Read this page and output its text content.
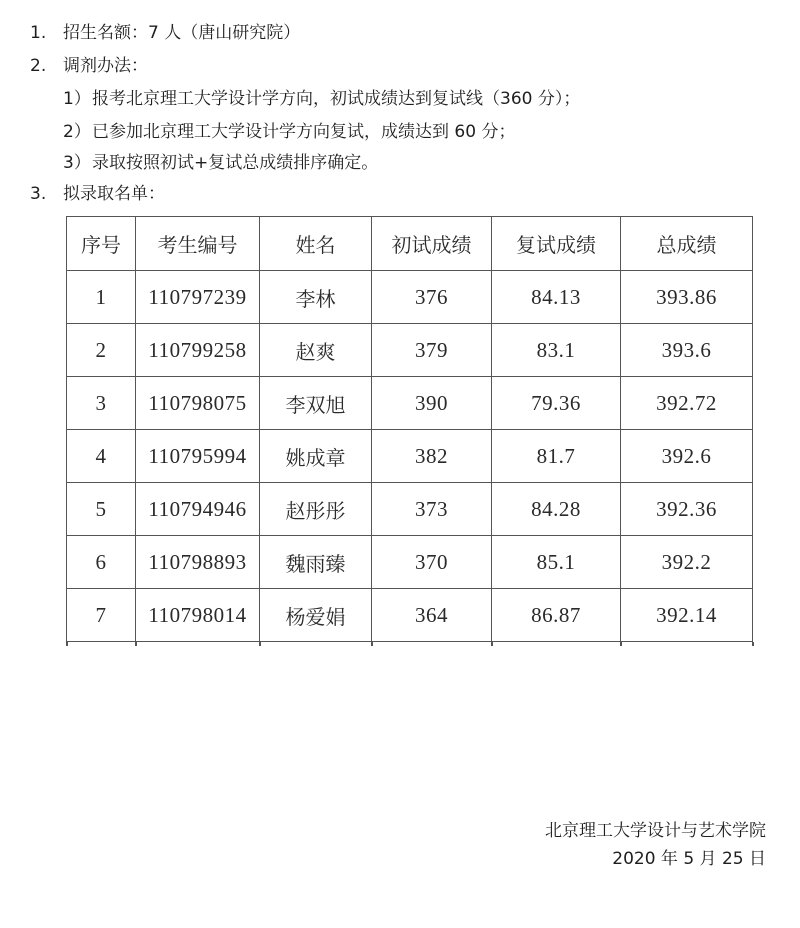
1. 招生名额：7 人（唐山研究院）
2. 调剂办法：
1） 报考北京理工大学设计学方向，初试成绩达到复试线（360 分）；
2） 已参加北京理工大学设计学方向复试，成绩达到 60 分；
3） 录取按照初试+复试总成绩排序确定。
3. 拟录取名单：
序号	考生编号	姓名	初试成绩	复试成绩	总成绩
1	110797239	李林	376	84.13	393.86
2	110799258	赵爽	379	83.1	393.6
3	110798075	李双旭	390	79.36	392.72
4	110795994	姚成章	382	81.7	392.6
5	110794946	赵彤彤	373	84.28	392.36
6	110798893	魏雨臻	370	85.1	392.2
7	110798014	杨爱娟	364	86.87	392.14
北京理工大学设计与艺术学院
2020 年 5 月 25 日
